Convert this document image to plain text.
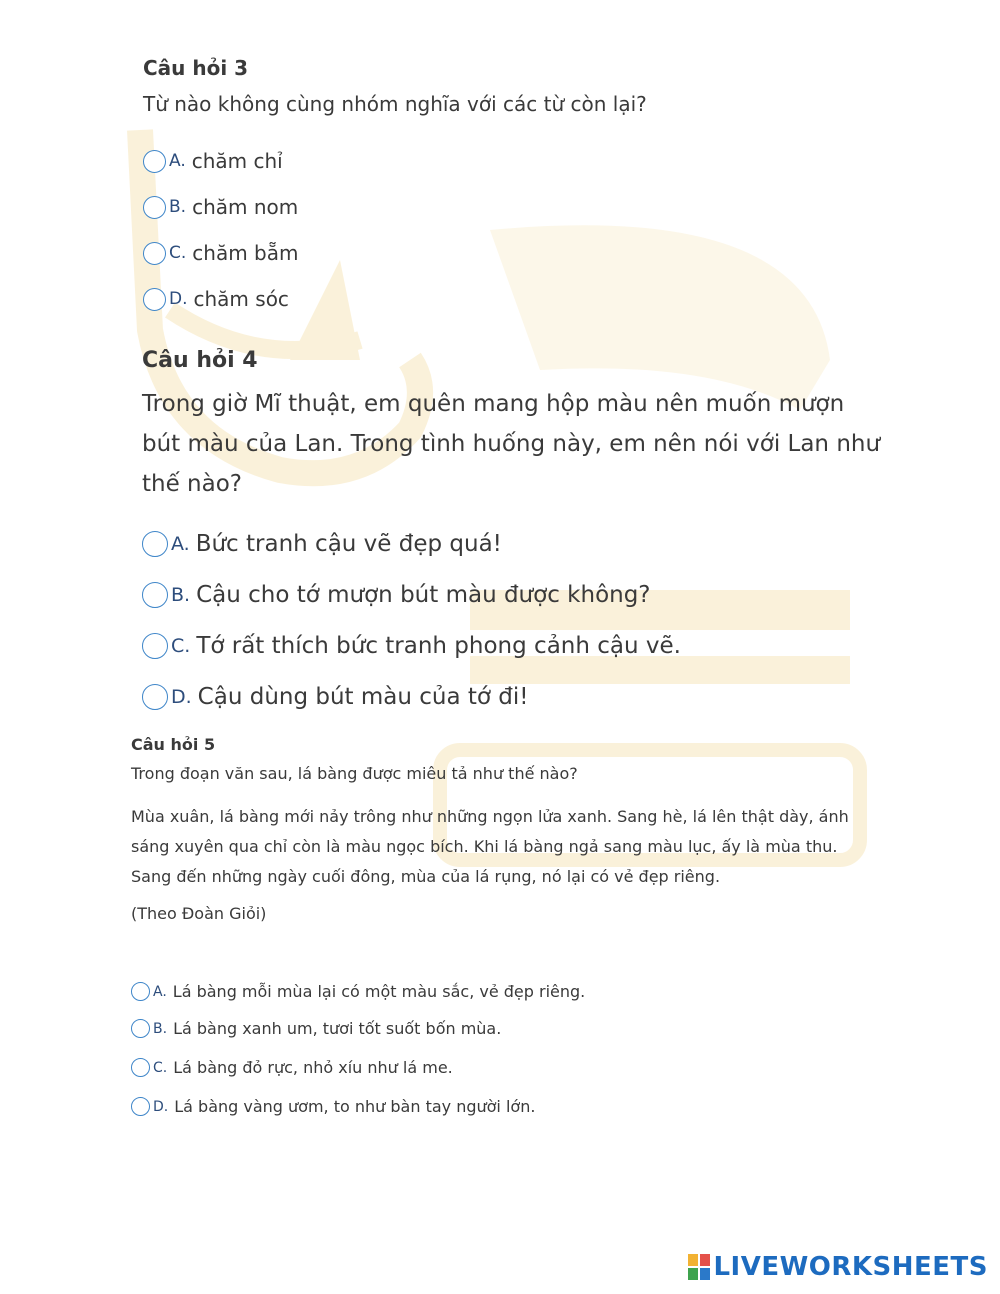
Câu hỏi 3

Từ nào không cùng nhóm nghĩa với các từ còn lại?

A. chăm chỉ
B. chăm nom
C. chăm bẵm
D. chăm sóc

Câu hỏi 4

Trong giờ Mĩ thuật, em quên mang hộp màu nên muốn mượn bút màu của Lan. Trong tình huống này, em nên nói với Lan như thế nào?

A. Bức tranh cậu vẽ đẹp quá!
B. Cậu cho tớ mượn bút màu được không?
C. Tớ rất thích bức tranh phong cảnh cậu vẽ.
D. Cậu dùng bút màu của tớ đi!

Câu hỏi 5

Trong đoạn văn sau, lá bàng được miêu tả như thế nào?

Mùa xuân, lá bàng mới nảy trông như những ngọn lửa xanh. Sang hè, lá lên thật dày, ánh sáng xuyên qua chỉ còn là màu ngọc bích. Khi lá bàng ngả sang màu lục, ấy là mùa thu. Sang đến những ngày cuối đông, mùa của lá rụng, nó lại có vẻ đẹp riêng.

(Theo Đoàn Giỏi)

A. Lá bàng mỗi mùa lại có một màu sắc, vẻ đẹp riêng.
B. Lá bàng xanh um, tươi tốt suốt bốn mùa.
C. Lá bàng đỏ rực, nhỏ xíu như lá me.
D. Lá bàng vàng ươm, to như bàn tay người lớn.
LIVEWORKSHEETS
